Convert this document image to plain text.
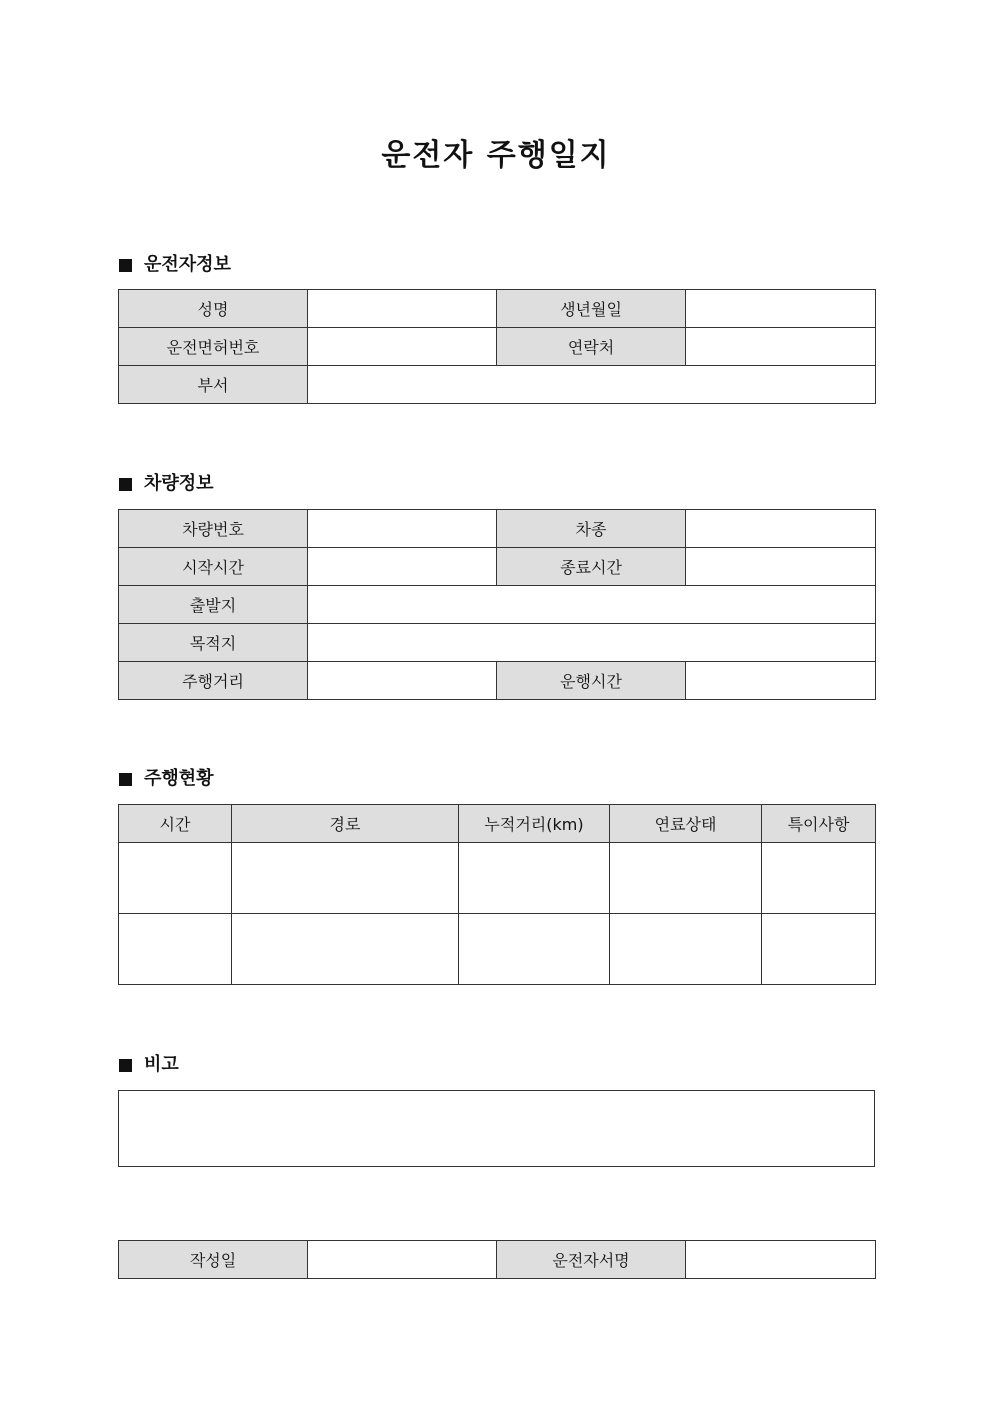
운전자 주행일지
운전자정보
성명		생년월일	
운전면허번호		연락처	
부서			
차량정보
차량번호		차종	
시작시간		종료시간	
출발지			
목적지			
주행거리		운행시간	
주행현황
시간	경로	누적거리(km)	연료상태	특이사항

비고
작성일		운전자서명	
